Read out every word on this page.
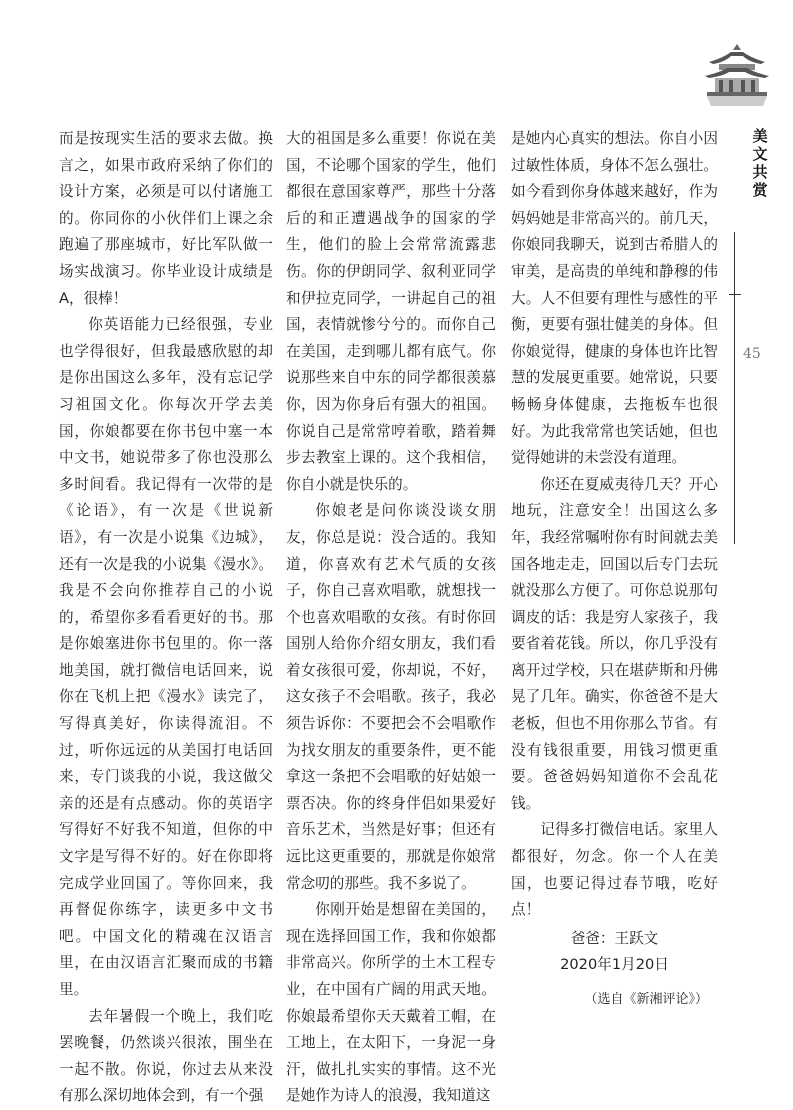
美文共赏
45

而是按现实生活的要求去做。换言之，如果市政府采纳了你们的设计方案，必须是可以付诸施工的。你同你的小伙伴们上课之余跑遍了那座城市，好比军队做一场实战演习。你毕业设计成绩是A，很棒！

你英语能力已经很强，专业也学得很好，但我最感欣慰的却是你出国这么多年，没有忘记学习祖国文化。你每次开学去美国，你娘都要在你书包中塞一本中文书，她说带多了你也没那么多时间看。我记得有一次带的是《论语》，有一次是《世说新语》，有一次是小说集《边城》，还有一次是我的小说集《漫水》。我是不会向你推荐自己的小说的，希望你多看看更好的书。那是你娘塞进你书包里的。你一落地美国，就打微信电话回来，说你在飞机上把《漫水》读完了，写得真美好，你读得流泪。不过，听你远远的从美国打电话回来，专门谈我的小说，我这做父亲的还是有点感动。你的英语字写得好不好我不知道，但你的中文字是写得不好的。好在你即将完成学业回国了。等你回来，我再督促你练字，读更多中文书吧。中国文化的精魂在汉语言里，在由汉语言汇聚而成的书籍里。

去年暑假一个晚上，我们吃罢晚餐，仍然谈兴很浓，围坐在一起不散。你说，你过去从来没有那么深切地体会到，有一个强

大的祖国是多么重要！你说在美国，不论哪个国家的学生，他们都很在意国家尊严，那些十分落后的和正遭遇战争的国家的学生，他们的脸上会常常流露悲伤。你的伊朗同学、叙利亚同学和伊拉克同学，一讲起自己的祖国，表情就惨兮兮的。而你自己在美国，走到哪儿都有底气。你说那些来自中东的同学都很羡慕你，因为你身后有强大的祖国。你说自己是常常哼着歌，踏着舞步去教室上课的。这个我相信，你自小就是快乐的。

你娘老是问你谈没谈女朋友，你总是说：没合适的。我知道，你喜欢有艺术气质的女孩子，你自己喜欢唱歌，就想找一个也喜欢唱歌的女孩。有时你回国别人给你介绍女朋友，我们看着女孩很可爱，你却说，不好，这女孩子不会唱歌。孩子，我必须告诉你：不要把会不会唱歌作为找女朋友的重要条件，更不能拿这一条把不会唱歌的好姑娘一票否决。你的终身伴侣如果爱好音乐艺术，当然是好事；但还有远比这更重要的，那就是你娘常常念叨的那些。我不多说了。

你刚开始是想留在美国的，现在选择回国工作，我和你娘都非常高兴。你所学的土木工程专业，在中国有广阔的用武天地。你娘最希望你天天戴着工帽，在工地上，在太阳下，一身泥一身汗，做扎扎实实的事情。这不光是她作为诗人的浪漫，我知道这

是她内心真实的想法。你自小因过敏性体质，身体不怎么强壮。如今看到你身体越来越好，作为妈妈她是非常高兴的。前几天，你娘同我聊天，说到古希腊人的审美，是高贵的单纯和静穆的伟大。人不但要有理性与感性的平衡，更要有强壮健美的身体。但你娘觉得，健康的身体也许比智慧的发展更重要。她常说，只要畅畅身体健康，去拖板车也很好。为此我常常也笑话她，但也觉得她讲的未尝没有道理。

你还在夏威夷待几天？开心地玩，注意安全！出国这么多年，我经常嘱咐你有时间就去美国各地走走，回国以后专门去玩就没那么方便了。可你总说那句调皮的话：我是穷人家孩子，我要省着花钱。所以，你几乎没有离开过学校，只在堪萨斯和丹佛晃了几年。确实，你爸爸不是大老板，但也不用你那么节省。有没有钱很重要，用钱习惯更重要。爸爸妈妈知道你不会乱花钱。

记得多打微信电话。家里人都很好，勿念。你一个人在美国，也要记得过春节哦，吃好点！

爸爸：王跃文

2020年1月20日

（选自《新湘评论》）
